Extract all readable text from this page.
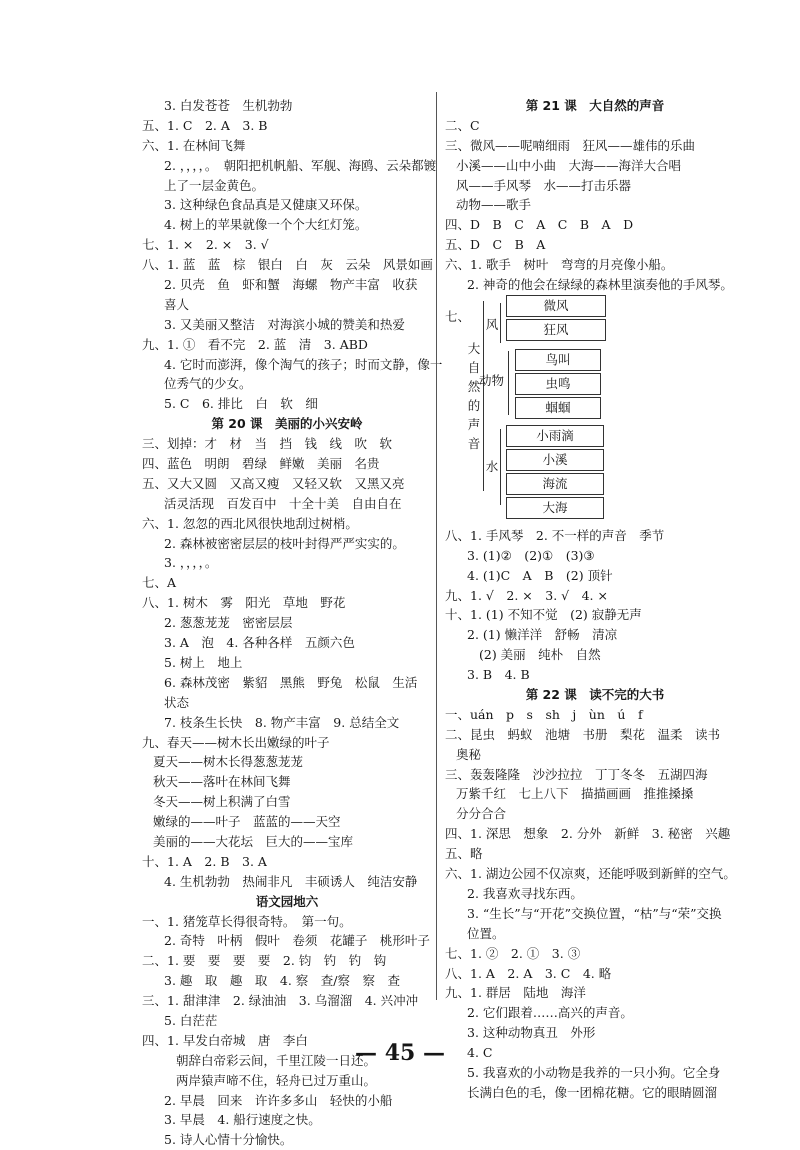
3. 白发苍苍　生机勃勃
五、1. C　2. A　3. B
六、1. 在林间飞舞
2. ，，，，。　朝阳把机帆船、军舰、海鸥、云朵都镀
上了一层金黄色。
3. 这种绿色食品真是又健康又环保。
4. 树上的苹果就像一个个大红灯笼。
七、1. ×　2. ×　3. √
八、1. 蓝　蓝　棕　银白　白　灰　云朵　风景如画
2. 贝壳　鱼　虾和蟹　海螺　物产丰富　收获
喜人
3. 又美丽又整洁　对海滨小城的赞美和热爱
九、1. ①　看不完　2. 蓝　清　3. ABD
4. 它时而澎湃，像个淘气的孩子；时而文静，像一
位秀气的少女。
5. C　6. 排比　白　软　细
第 20 课　美丽的小兴安岭
三、划掉：才　材　当　挡　钱　线　吹　软
四、蓝色　明朗　碧绿　鲜嫩　美丽　名贵
五、又大又圆　又高又瘦　又轻又软　又黑又亮
活灵活现　百发百中　十全十美　自由自在
六、1. 忽忽的西北风很快地刮过树梢。
2. 森林被密密层层的枝叶封得严严实实的。
3. ，，，，。
七、A
八、1. 树木　雾　阳光　草地　野花
2. 葱葱茏茏　密密层层
3. A　泡　4. 各种各样　五颜六色
5. 树上　地上
6. 森林茂密　紫貂　黑熊　野兔　松鼠　生活
状态
7. 枝条生长快　8. 物产丰富　9. 总结全文
九、春天——树木长出嫩绿的叶子
夏天——树木长得葱葱茏茏
秋天——落叶在林间飞舞
冬天——树上积满了白雪
嫩绿的——叶子　蓝蓝的——天空
美丽的——大花坛　巨大的——宝库
十、1. A　2. B　3. A
4. 生机勃勃　热闹非凡　丰硕诱人　纯洁安静
语文园地六
一、1. 猪笼草长得很奇特。　第一句。
2. 奇特　叶柄　假叶　卷须　花罐子　桃形叶子
二、1. 要　要　要　要　2. 钧　钓　钓　钩
3. 趣　取　趣　取　4. 察　查/察　察　查
三、1. 甜津津　2. 绿油油　3. 乌溜溜　4. 兴冲冲
5. 白茫茫
四、1. 早发白帝城　唐　李白
朝辞白帝彩云间，千里江陵一日还。
两岸猿声啼不住，轻舟已过万重山。
2. 早晨　回来　许许多多山　轻快的小船
3. 早晨　4. 船行速度之快。
5. 诗人心情十分愉快。
第 21 课　大自然的声音
二、C
三、微风——呢喃细雨　狂风——雄伟的乐曲
小溪——山中小曲　大海——海洋大合唱
风——手风琴　水——打击乐器
动物——歌手
四、D　B　C　A　C　B　A　D
五、D　C　B　A
六、1. 歌手　树叶　弯弯的月亮像小船。
2. 神奇的他会在绿绿的森林里演奏他的手风琴。
七、
大
自
然
的
声
音
风
微风
狂风
动物
鸟叫
虫鸣
蝈蝈
水
小雨滴
小溪
海流
大海
八、1. 手风琴　2. 不一样的声音　季节
3. (1)②　(2)①　(3)③
4. (1)C　A　B　(2) 顶针
九、1. √　2. ×　3. √　4. ×
十、1. (1) 不知不觉　(2) 寂静无声
2. (1) 懒洋洋　舒畅　清凉
(2) 美丽　纯朴　自然
3. B　4. B
第 22 课　读不完的大书
一、uán　p　s　sh　j　ùn　ú　f
二、昆虫　蚂蚁　池塘　书册　梨花　温柔　读书
奥秘
三、轰轰隆隆　沙沙拉拉　丁丁冬冬　五湖四海
万紫千红　七上八下　描描画画　推推搡搡
分分合合
四、1. 深思　想象　2. 分外　新鲜　3. 秘密　兴趣
五、略
六、1. 湖边公园不仅凉爽，还能呼吸到新鲜的空气。
2. 我喜欢寻找东西。
3. “生长”与“开花”交换位置，“枯”与“荣”交换
位置。
七、1. ②　2. ①　3. ③
八、1. A　2. A　3. C　4. 略
九、1. 群居　陆地　海洋
2. 它们跟着……高兴的声音。
3. 这种动物真丑　外形
4. C
5. 我喜欢的小动物是我养的一只小狗。它全身
长满白色的毛，像一团棉花糖。它的眼睛圆溜
— 45 —
